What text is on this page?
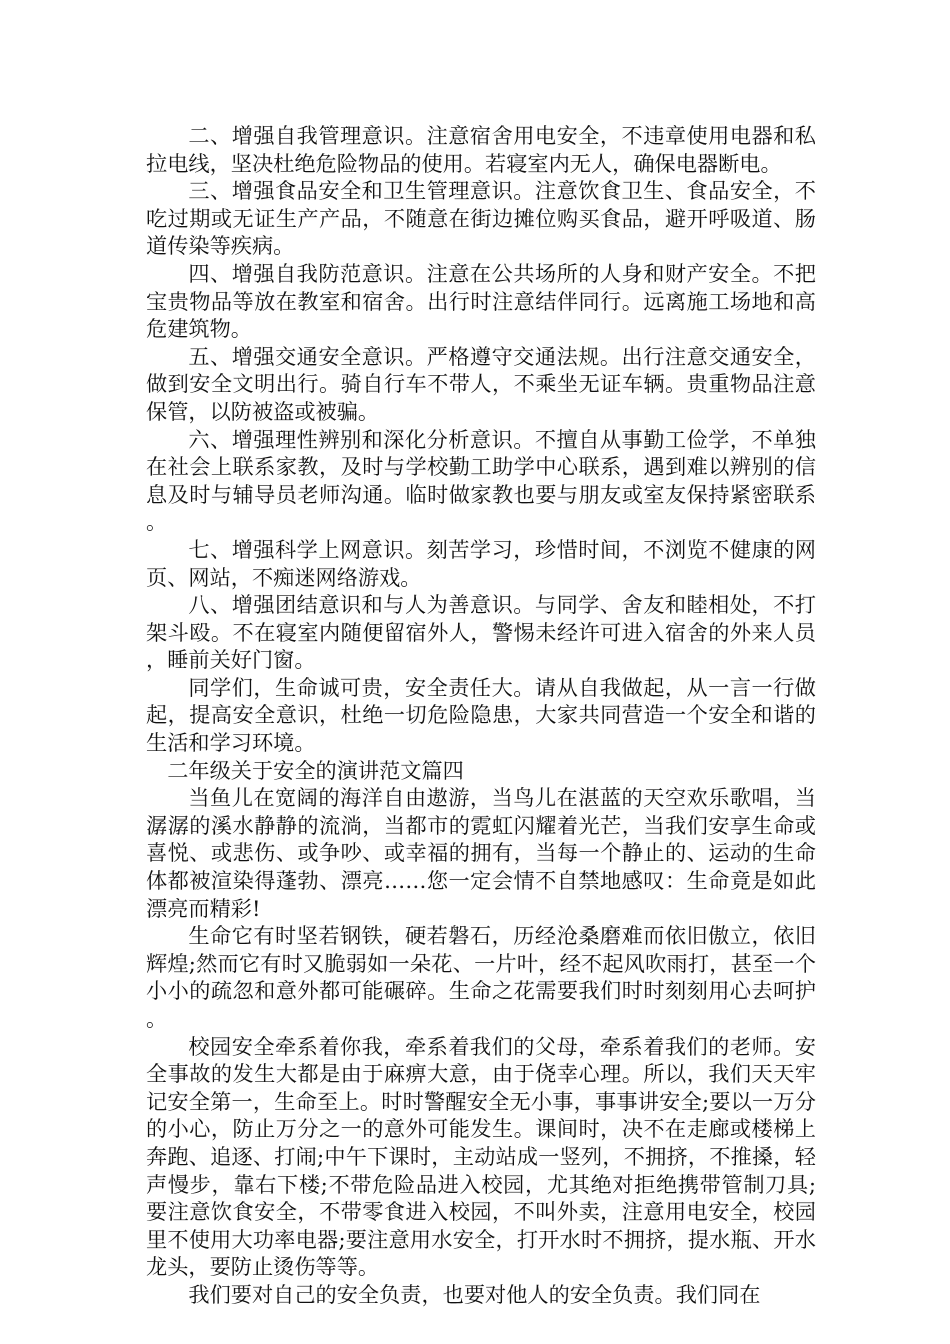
二、增强自我管理意识。注意宿舍用电安全，不违章使用电器和私拉电线，坚决杜绝危险物品的使用。若寝室内无人，确保电器断电。

三、增强食品安全和卫生管理意识。注意饮食卫生、食品安全，不吃过期或无证生产产品，不随意在街边摊位购买食品，避开呼吸道、肠道传染等疾病。

四、增强自我防范意识。注意在公共场所的人身和财产安全。不把宝贵物品等放在教室和宿舍。出行时注意结伴同行。远离施工场地和高危建筑物。

五、增强交通安全意识。严格遵守交通法规。出行注意交通安全，做到安全文明出行。骑自行车不带人，不乘坐无证车辆。贵重物品注意保管，以防被盗或被骗。

六、增强理性辨别和深化分析意识。不擅自从事勤工俭学，不单独在社会上联系家教，及时与学校勤工助学中心联系，遇到难以辨别的信息及时与辅导员老师沟通。临时做家教也要与朋友或室友保持紧密联系。

七、增强科学上网意识。刻苦学习，珍惜时间，不浏览不健康的网页、网站，不痴迷网络游戏。

八、增强团结意识和与人为善意识。与同学、舍友和睦相处，不打架斗殴。不在寝室内随便留宿外人，警惕未经许可进入宿舍的外来人员，睡前关好门窗。

同学们，生命诚可贵，安全责任大。请从自我做起，从一言一行做起，提高安全意识，杜绝一切危险隐患，大家共同营造一个安全和谐的生活和学习环境。

二年级关于安全的演讲范文篇四

当鱼儿在宽阔的海洋自由遨游，当鸟儿在湛蓝的天空欢乐歌唱，当潺潺的溪水静静的流淌，当都市的霓虹闪耀着光芒，当我们安享生命或喜悦、或悲伤、或争吵、或幸福的拥有，当每一个静止的、运动的生命体都被渲染得蓬勃、漂亮……您一定会情不自禁地感叹：生命竟是如此漂亮而精彩!

生命它有时坚若钢铁，硬若磐石，历经沧桑磨难而依旧傲立，依旧辉煌;然而它有时又脆弱如一朵花、一片叶，经不起风吹雨打，甚至一个小小的疏忽和意外都可能碾碎。生命之花需要我们时时刻刻用心去呵护。

校园安全牵系着你我，牵系着我们的父母，牵系着我们的老师。安全事故的发生大都是由于麻痹大意，由于侥幸心理。所以，我们天天牢记安全第一，生命至上。时时警醒安全无小事，事事讲安全;要以一万分的小心，防止万分之一的意外可能发生。课间时，决不在走廊或楼梯上奔跑、追逐、打闹;中午下课时，主动站成一竖列，不拥挤，不推搡，轻声慢步，靠右下楼;不带危险品进入校园，尤其绝对拒绝携带管制刀具;要注意饮食安全，不带零食进入校园，不叫外卖，注意用电安全，校园里不使用大功率电器;要注意用水安全，打开水时不拥挤，提水瓶、开水龙头，要防止烫伤等等。

我们要对自己的安全负责，也要对他人的安全负责。我们同在
